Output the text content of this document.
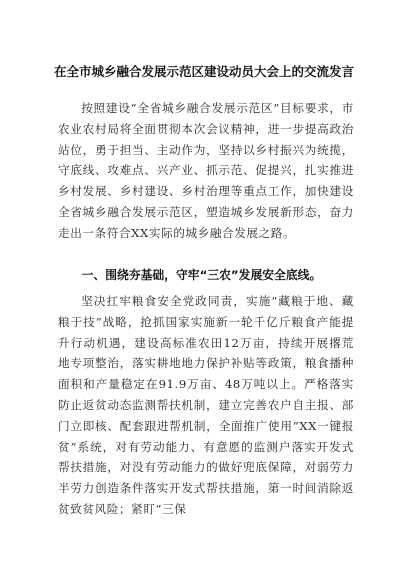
在全市城乡融合发展示范区建设动员大会上的交流发言

按照建设“全省城乡融合发展示范区”目标要求，市农业农村局将全面贯彻本次会议精神，进一步提高政治站位，勇于担当、主动作为，坚持以乡村振兴为统揽，守底线、攻难点、兴产业、抓示范、促提兴，扎实推进乡村发展、乡村建设、乡村治理等重点工作，加快建设全省城乡融合发展示范区，塑造城乡发展新形态，奋力走出一条符合XX实际的城乡融合发展之路。

一、围绕夯基础，守牢“三农”发展安全底线。

坚决扛牢粮食安全党政同责，实施“藏粮于地、藏粮于技”战略，抢抓国家实施新一轮千亿斤粮食产能提升行动机遇，建设高标准农田12万亩，持续开展撂荒地专项整治，落实耕地地力保护补贴等政策，粮食播种面积和产量稳定在91.9万亩、48万吨以上。严格落实防止返贫动态监测帮扶机制，建立完善农户自主报、部门立即核、配套跟进帮机制，全面推广使用“XX一键报贫”系统，对有劳动能力、有意愿的监测户落实开发式帮扶措施，对没有劳动能力的做好兜底保障，对弱劳力半劳力创造条件落实开发式帮扶措施，第一时间消除返贫致贫风险；紧盯“三保
